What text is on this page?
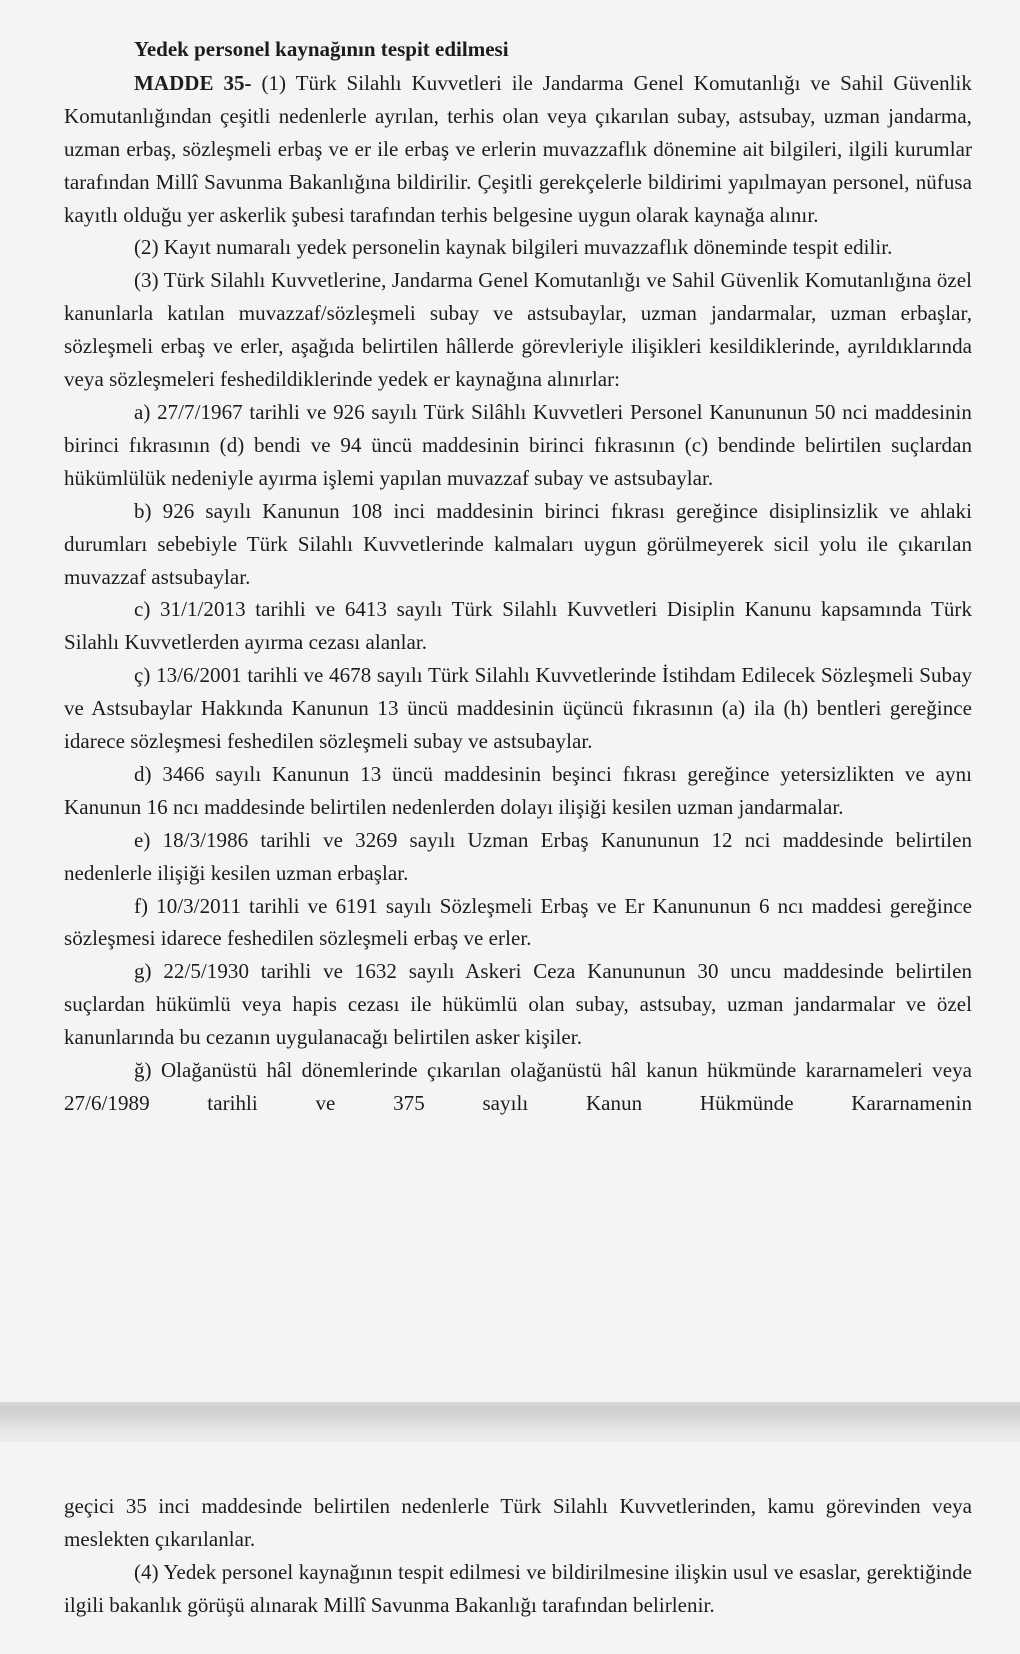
Yedek personel kaynağının tespit edilmesi

MADDE 35- (1) Türk Silahlı Kuvvetleri ile Jandarma Genel Komutanlığı ve Sahil Güvenlik Komutanlığından çeşitli nedenlerle ayrılan, terhis olan veya çıkarılan subay, astsubay, uzman jandarma, uzman erbaş, sözleşmeli erbaş ve er ile erbaş ve erlerin muvazzaflık dönemine ait bilgileri, ilgili kurumlar tarafından Millî Savunma Bakanlığına bildirilir. Çeşitli gerekçelerle bildirimi yapılmayan personel, nüfusa kayıtlı olduğu yer askerlik şubesi tarafından terhis belgesine uygun olarak kaynağa alınır.

(2) Kayıt numaralı yedek personelin kaynak bilgileri muvazzaflık döneminde tespit edilir.

(3) Türk Silahlı Kuvvetlerine, Jandarma Genel Komutanlığı ve Sahil Güvenlik Komutanlığına özel kanunlarla katılan muvazzaf/sözleşmeli subay ve astsubaylar, uzman jandarmalar, uzman erbaşlar, sözleşmeli erbaş ve erler, aşağıda belirtilen hâllerde görevleriyle ilişikleri kesildiklerinde, ayrıldıklarında veya sözleşmeleri feshedildiklerinde yedek er kaynağına alınırlar:

a) 27/7/1967 tarihli ve 926 sayılı Türk Silâhlı Kuvvetleri Personel Kanununun 50 nci maddesinin birinci fıkrasının (d) bendi ve 94 üncü maddesinin birinci fıkrasının (c) bendinde belirtilen suçlardan hükümlülük nedeniyle ayırma işlemi yapılan muvazzaf subay ve astsubaylar.

b) 926 sayılı Kanunun 108 inci maddesinin birinci fıkrası gereğince disiplinsizlik ve ahlaki durumları sebebiyle Türk Silahlı Kuvvetlerinde kalmaları uygun görülmeyerek sicil yolu ile çıkarılan muvazzaf astsubaylar.

c) 31/1/2013 tarihli ve 6413 sayılı Türk Silahlı Kuvvetleri Disiplin Kanunu kapsamında Türk Silahlı Kuvvetlerden ayırma cezası alanlar.

ç) 13/6/2001 tarihli ve 4678 sayılı Türk Silahlı Kuvvetlerinde İstihdam Edilecek Sözleşmeli Subay ve Astsubaylar Hakkında Kanunun 13 üncü maddesinin üçüncü fıkrasının (a) ila (h) bentleri gereğince idarece sözleşmesi feshedilen sözleşmeli subay ve astsubaylar.

d) 3466 sayılı Kanunun 13 üncü maddesinin beşinci fıkrası gereğince yetersizlikten ve aynı Kanunun 16 ncı maddesinde belirtilen nedenlerden dolayı ilişiği kesilen uzman jandarmalar.

e) 18/3/1986 tarihli ve 3269 sayılı Uzman Erbaş Kanununun 12 nci maddesinde belirtilen nedenlerle ilişiği kesilen uzman erbaşlar.

f) 10/3/2011 tarihli ve 6191 sayılı Sözleşmeli Erbaş ve Er Kanununun 6 ncı maddesi gereğince sözleşmesi idarece feshedilen sözleşmeli erbaş ve erler.

g) 22/5/1930 tarihli ve 1632 sayılı Askeri Ceza Kanununun 30 uncu maddesinde belirtilen suçlardan hükümlü veya hapis cezası ile hükümlü olan subay, astsubay, uzman jandarmalar ve özel kanunlarında bu cezanın uygulanacağı belirtilen asker kişiler.

ğ) Olağanüstü hâl dönemlerinde çıkarılan olağanüstü hâl kanun hükmünde kararnameleri veya 27/6/1989 tarihli ve 375 sayılı Kanun Hükmünde Kararnamenin

geçici 35 inci maddesinde belirtilen nedenlerle Türk Silahlı Kuvvetlerinden, kamu görevinden veya meslekten çıkarılanlar.

(4) Yedek personel kaynağının tespit edilmesi ve bildirilmesine ilişkin usul ve esaslar, gerektiğinde ilgili bakanlık görüşü alınarak Millî Savunma Bakanlığı tarafından belirlenir.
